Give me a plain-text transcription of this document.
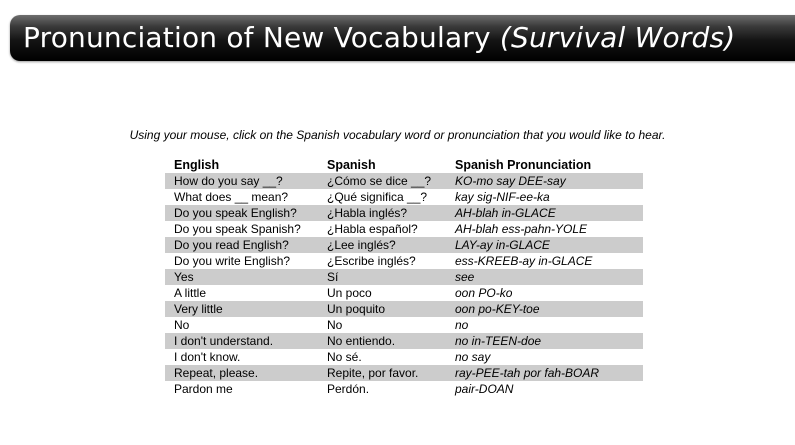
Pronunciation of New Vocabulary (Survival Words)
Using your mouse, click on the Spanish vocabulary word or pronunciation that you would like to hear.
English	Spanish	Spanish Pronunciation
How do you say __?	¿Cómo se dice __?	KO-mo say DEE-say
What does __ mean?	¿Qué significa __?	kay sig-NIF-ee-ka
Do you speak English?	¿Habla inglés?	AH-blah in-GLACE
Do you speak Spanish?	¿Habla español?	AH-blah ess-pahn-YOLE
Do you read English?	¿Lee inglés?	LAY-ay in-GLACE
Do you write English?	¿Escribe inglés?	ess-KREEB-ay in-GLACE
Yes	Sí	see
A little	Un poco	oon PO-ko
Very little	Un poquito	oon po-KEY-toe
No	No	no
I don't understand.	No entiendo.	no in-TEEN-doe
I don't know.	No sé.	no say
Repeat, please.	Repite, por favor.	ray-PEE-tah por fah-BOAR
Pardon me	Perdón.	pair-DOAN
